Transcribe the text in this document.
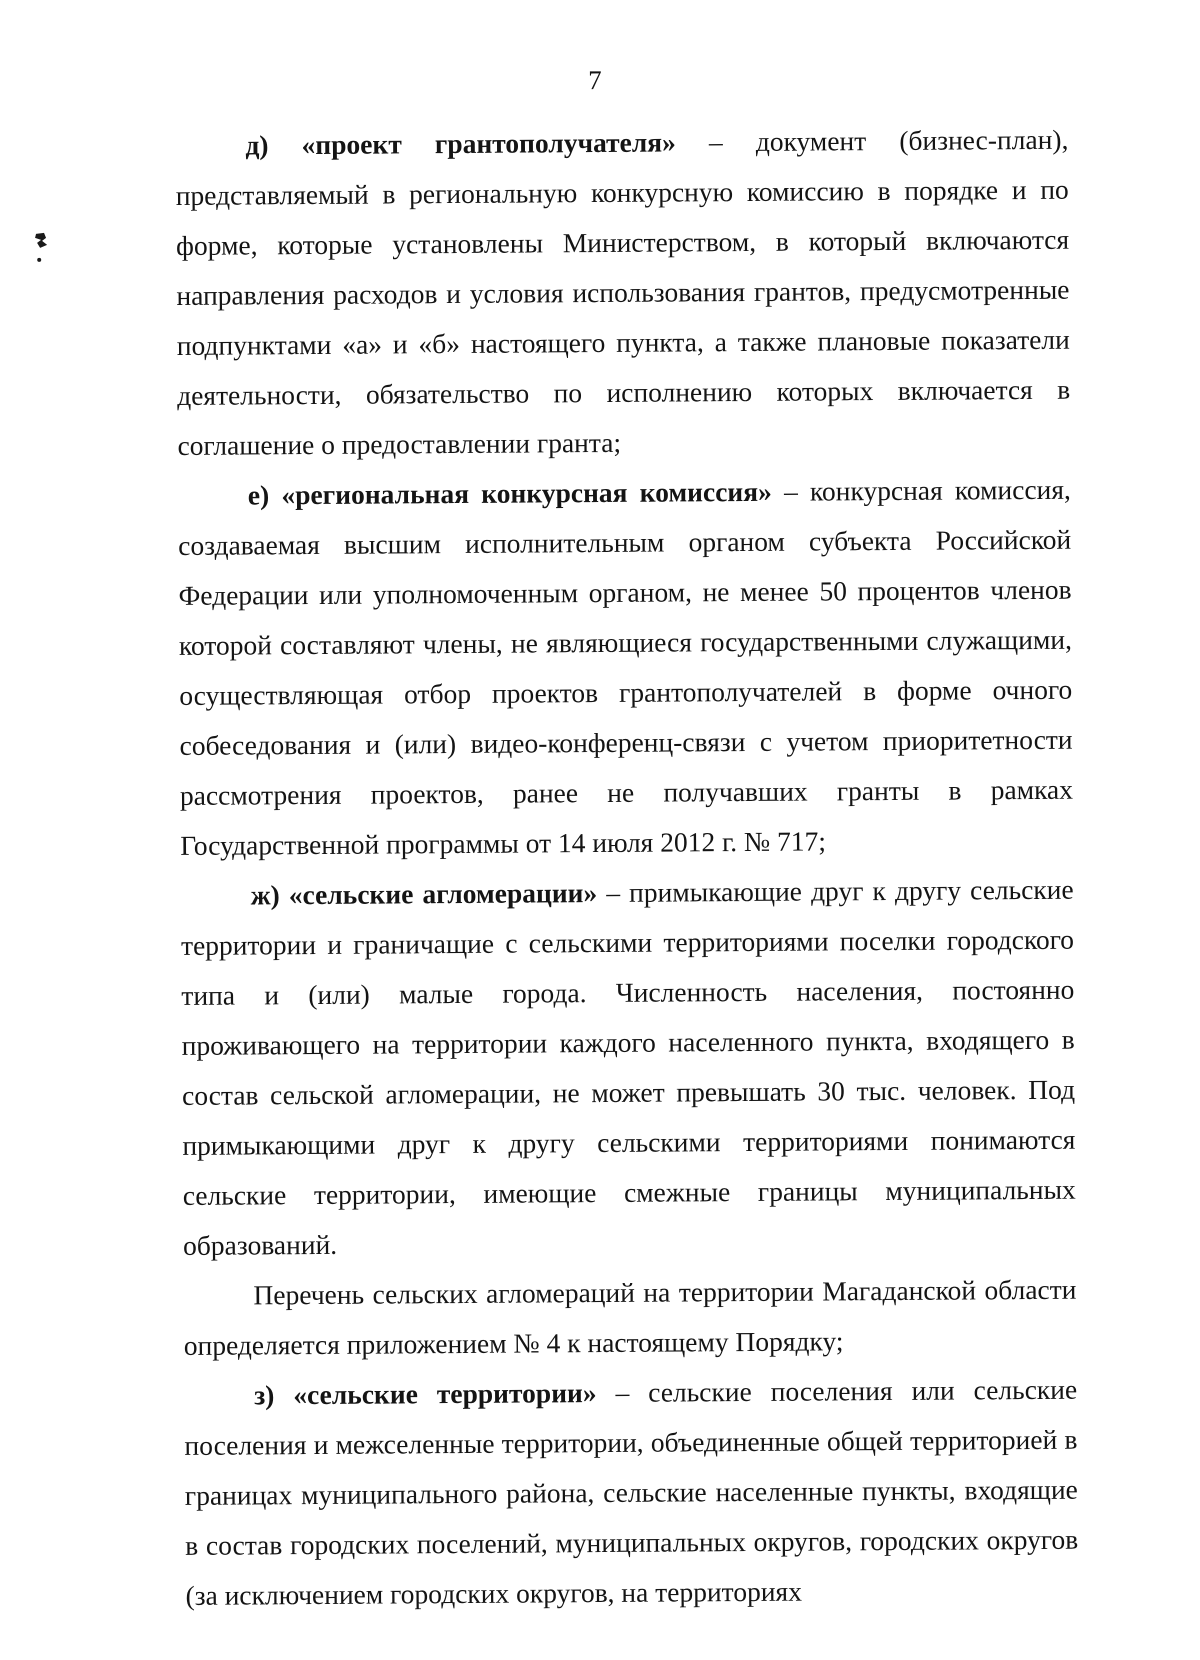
7

д) «проект грантополучателя» – документ (бизнес-план), представляемый в региональную конкурсную комиссию в порядке и по форме, которые установлены Министерством, в который включаются направления расходов и условия использования грантов, предусмотренные подпунктами «а» и «б» настоящего пункта, а также плановые показатели деятельности, обязательство по исполнению которых включается в соглашение о предоставлении гранта;

е) «региональная конкурсная комиссия» – конкурсная комиссия, создаваемая высшим исполнительным органом субъекта Российской Федерации или уполномоченным органом, не менее 50 процентов членов которой составляют члены, не являющиеся государственными служащими, осуществляющая отбор проектов грантополучателей в форме очного собеседования и (или) видео-конференц-связи с учетом приоритетности рассмотрения проектов, ранее не получавших гранты в рамках Государственной программы от 14 июля 2012 г. № 717;

ж) «сельские агломерации» – примыкающие друг к другу сельские территории и граничащие с сельскими территориями поселки городского типа и (или) малые города. Численность населения, постоянно проживающего на территории каждого населенного пункта, входящего в состав сельской агломерации, не может превышать 30 тыс. человек. Под примыкающими друг к другу сельскими территориями понимаются сельские территории, имеющие смежные границы муниципальных образований.

Перечень сельских агломераций на территории Магаданской области определяется приложением № 4 к настоящему Порядку;

з) «сельские территории» – сельские поселения или сельские поселения и межселенные территории, объединенные общей территорией в границах муниципального района, сельские населенные пункты, входящие в состав городских поселений, муниципальных округов, городских округов (за исключением городских округов, на территориях
